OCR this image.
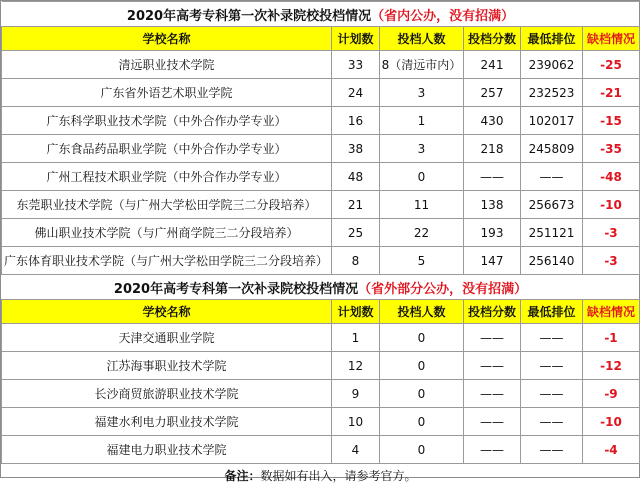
2020年高考专科第一次补录院校投档情况（省内公办，没有招满）					
学校名称	计划数	投档人数	投档分数	最低排位	缺档情况
清远职业技术学院	33	8（清远市内）	241	239062	-25
广东省外语艺术职业学院	24	3	257	232523	-21
广东科学职业技术学院（中外合作办学专业）	16	1	430	102017	-15
广东食品药品职业学院（中外合作办学专业）	38	3	218	245809	-35
广州工程技术职业学院（中外合作办学专业）	48	0	——	——	-48
东莞职业技术学院（与广州大学松田学院三二分段培养）	21	11	138	256673	-10
佛山职业技术学院（与广州商学院三二分段培养）	25	22	193	251121	-3
广东体育职业技术学院（与广州大学松田学院三二分段培养）	8	5	147	256140	-3
2020年高考专科第一次补录院校投档情况（省外部分公办，没有招满）					
学校名称	计划数	投档人数	投档分数	最低排位	缺档情况
天津交通职业学院	1	0	——	——	-1
江苏海事职业技术学院	12	0	——	——	-12
长沙商贸旅游职业技术学院	9	0	——	——	-9
福建水利电力职业技术学院	10	0	——	——	-10
福建电力职业技术学院	4	0	——	——	-4
备注：数据如有出入，请参考官方。					
